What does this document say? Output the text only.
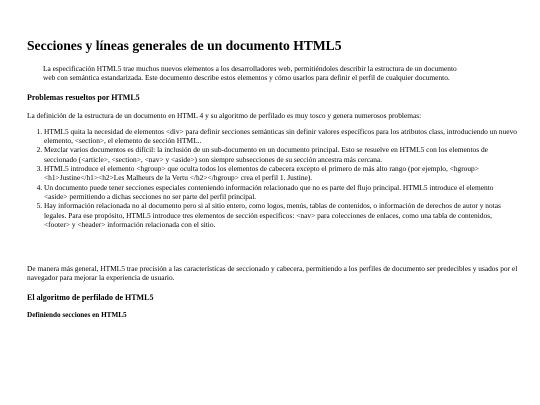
Secciones y líneas generales de un documento HTML5

La especificación HTML5 trae muchos nuevos elementos a los desarrolladores web, permitiéndoles describir la estructura de un documento web con semántica estandarizada. Este documento describe estos elementos y cómo usarlos para definir el perfil de cualquier documento.

Problemas resueltos por HTML5

La definición de la estructura de un documento en HTML 4 y su algoritmo de perfilado es muy tosco y genera numerosos problemas:

1. HTML5 quita la necesidad de elementos <div> para definir secciones semánticas sin definir valores específicos para los atributos class, introduciendo un nuevo elemento, <section>, el elemento de sección HTML..
2. Mezclar varios documentos es difícil: la inclusión de un sub-documento en un documento principal. Esto se resuelve en HTML5 con los elementos de seccionado (<article>, <section>, <nav> y <aside>) son siempre subsecciones de su sección ancestra más cercana.
3. HTML5 introduce el elemento <hgroup> que oculta todos los elementos de cabecera excepto el primero de más alto rango (por ejemplo, <hgroup><h1>Justine</h1><h2>Les Malheurs de la Vertu </h2></hgroup> crea el perfil 1. Justine).
4. Un documento puede tener secciones especiales conteniendo información relacionado que no es parte del flujo principal. HTML5 introduce el elemento <aside> permitiendo a dichas secciones no ser parte del perfil principal.
5. Hay información relacionada no al documento pero si al sitio entero, como logos, menús, tablas de contenidos, o información de derechos de autor y notas legales. Para ese propósito, HTML5 introduce tres elementos de sección específicos: <nav> para colecciones de enlaces, como una tabla de contenidos, <footer> y <header> información relacionada con el sitio.

De manera más general, HTML5 trae precisión a las características de seccionado y cabecera, permitiendo a los perfiles de documento ser predecibles y usados por el navegador para mejorar la experiencia de usuario.

El algoritmo de perfilado de HTML5
Definiendo secciones en HTML5
